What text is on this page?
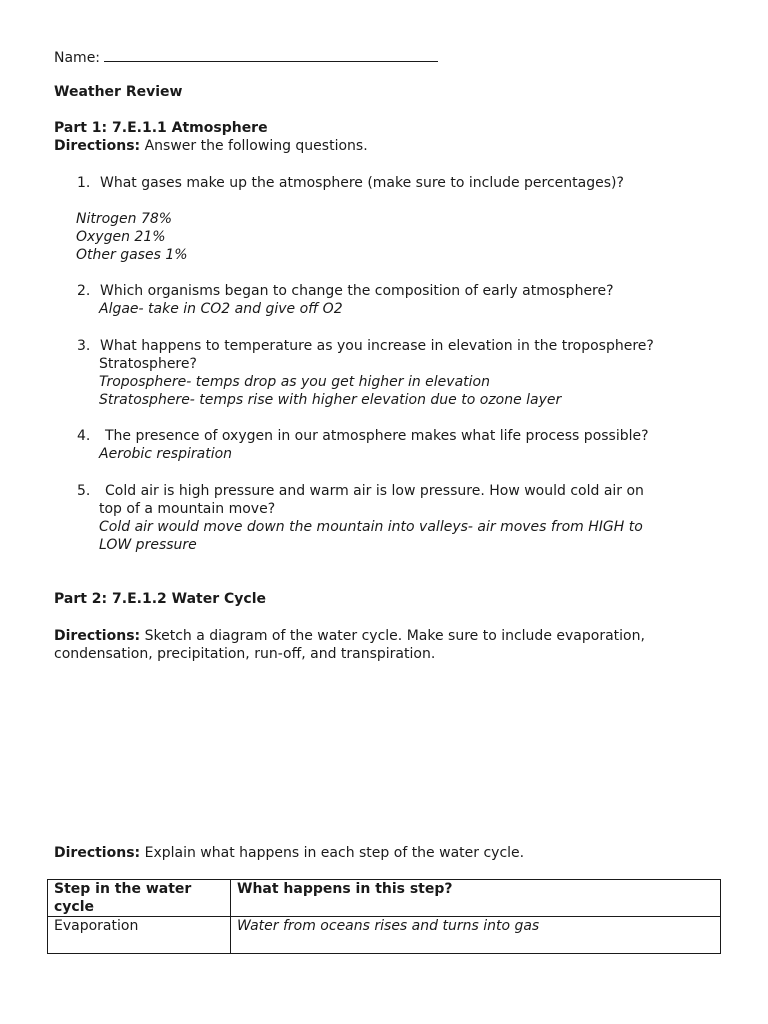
Name:
Weather Review
Part 1: 7.E.1.1 Atmosphere
Directions: Answer the following questions.
1. What gases make up the atmosphere (make sure to include percentages)?
Nitrogen 78%
Oxygen 21%
Other gases 1%
2. Which organisms began to change the composition of early atmosphere?
Algae- take in CO2 and give off O2
3. What happens to temperature as you increase in elevation in the troposphere?
Stratosphere?
Troposphere- temps drop as you get higher in elevation
Stratosphere- temps rise with higher elevation due to ozone layer
4. The presence of oxygen in our atmosphere makes what life process possible?
Aerobic respiration
5. Cold air is high pressure and warm air is low pressure. How would cold air on
top of a mountain move?
Cold air would move down the mountain into valleys- air moves from HIGH to
LOW pressure
Part 2: 7.E.1.2 Water Cycle
Directions: Sketch a diagram of the water cycle. Make sure to include evaporation,
condensation, precipitation, run-off, and transpiration.
Directions: Explain what happens in each step of the water cycle.
Step in the water cycle	What happens in this step?
Evaporation	Water from oceans rises and turns into gas
